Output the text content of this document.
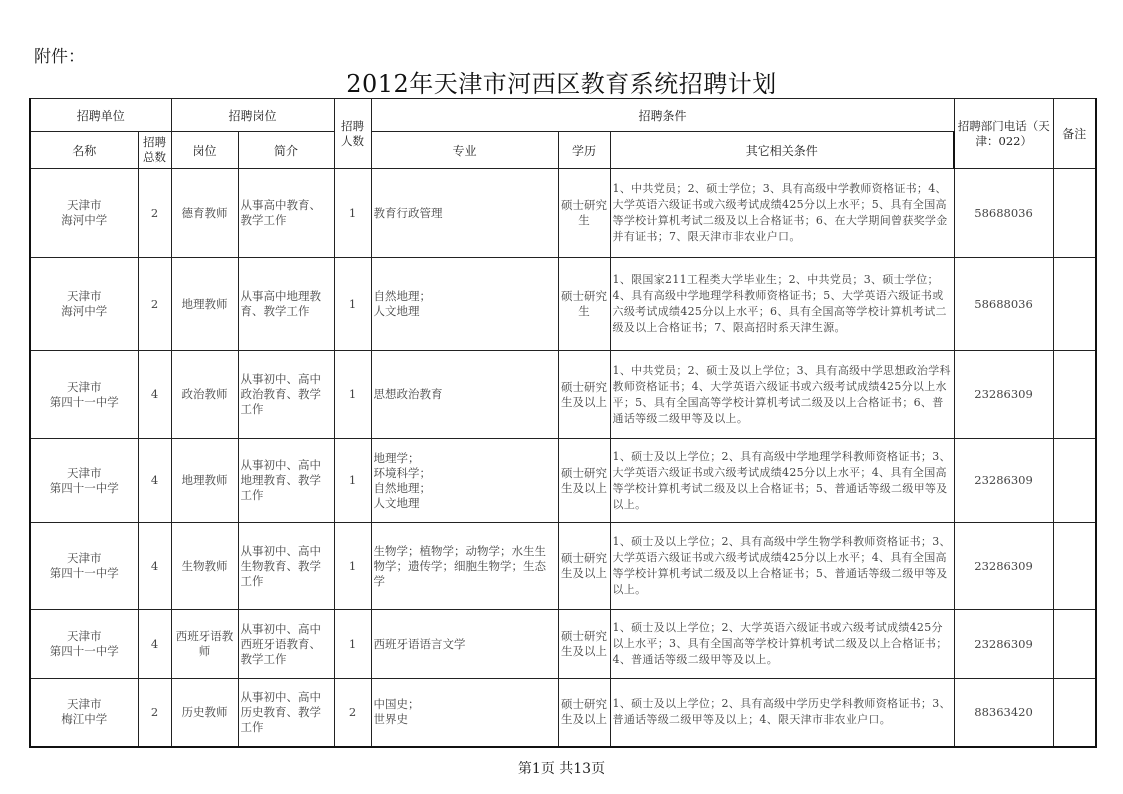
附件：
2012年天津市河西区教育系统招聘计划
招聘单位		招聘岗位		招聘人数	招聘条件			招聘部门电话（天津：022）	备注
名称	招聘总数	岗位	简介		专业	学历	其它相关条件		
天津市
海河中学	2	德育教师	从事高中教育、教学工作	1	教育行政管理	硕士研究生	1、中共党员；2、硕士学位；3、具有高级中学教师资格证书；4、大学英语六级证书或六级考试成绩425分以上水平；5、具有全国高等学校计算机考试二级及以上合格证书；6、在大学期间曾获奖学金并有证书；7、限天津市非农业户口。	58688036	
天津市
海河中学	2	地理教师	从事高中地理教育、教学工作	1	自然地理；
人文地理	硕士研究生	1、限国家211工程类大学毕业生；2、中共党员；3、硕士学位；4、具有高级中学地理学科教师资格证书；5、大学英语六级证书或六级考试成绩425分以上水平；6、具有全国高等学校计算机考试二级及以上合格证书；7、限高招时系天津生源。	58688036	
天津市
第四十一中学	4	政治教师	从事初中、高中政治教育、教学工作	1	思想政治教育	硕士研究生及以上	1、中共党员；2、硕士及以上学位；3、具有高级中学思想政治学科教师资格证书；4、大学英语六级证书或六级考试成绩425分以上水平；5、具有全国高等学校计算机考试二级及以上合格证书；6、普通话等级二级甲等及以上。	23286309	
天津市
第四十一中学	4	地理教师	从事初中、高中地理教育、教学工作	1	地理学；
环境科学；
自然地理；
人文地理	硕士研究生及以上	1、硕士及以上学位；2、具有高级中学地理学科教师资格证书；3、大学英语六级证书或六级考试成绩425分以上水平；4、具有全国高等学校计算机考试二级及以上合格证书；5、普通话等级二级甲等及以上。	23286309	
天津市
第四十一中学	4	生物教师	从事初中、高中生物教育、教学工作	1	生物学；植物学；动物学；水生生物学；遗传学；细胞生物学；生态学	硕士研究生及以上	1、硕士及以上学位；2、具有高级中学生物学科教师资格证书；3、大学英语六级证书或六级考试成绩425分以上水平；4、具有全国高等学校计算机考试二级及以上合格证书；5、普通话等级二级甲等及以上。	23286309	
天津市
第四十一中学	4	西班牙语教师	从事初中、高中西班牙语教育、教学工作	1	西班牙语语言文学	硕士研究生及以上	1、硕士及以上学位；2、大学英语六级证书或六级考试成绩425分以上水平；3、具有全国高等学校计算机考试二级及以上合格证书；4、普通话等级二级甲等及以上。	23286309	
天津市
梅江中学	2	历史教师	从事初中、高中历史教育、教学工作	2	中国史；
世界史	硕士研究生及以上	1、硕士及以上学位；2、具有高级中学历史学科教师资格证书；3、普通话等级二级甲等及以上；4、限天津市非农业户口。	88363420	
第1页 共13页
